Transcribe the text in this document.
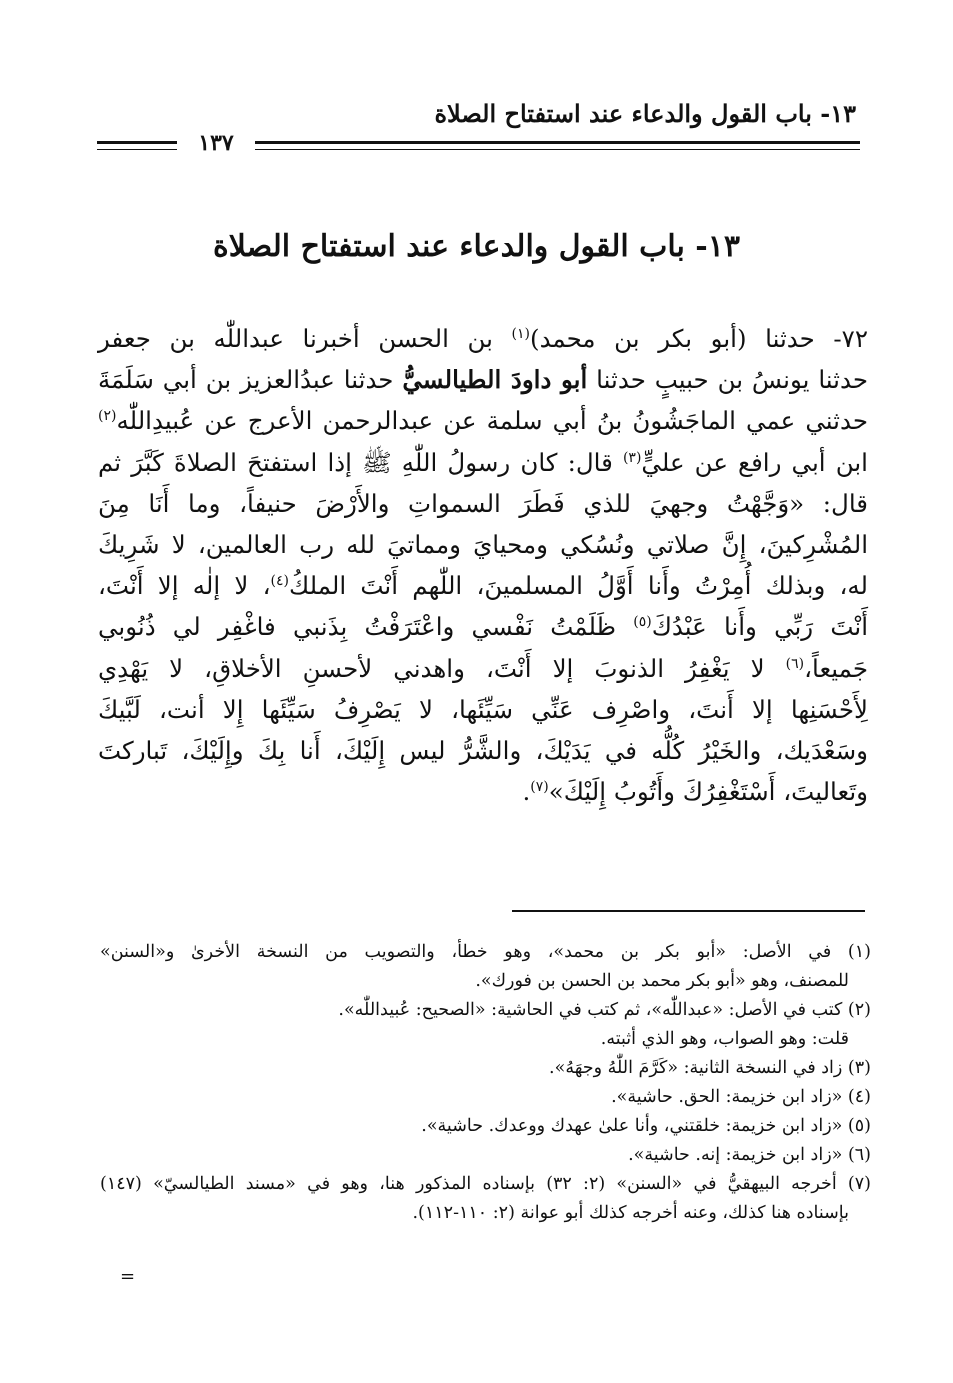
١٣- باب القول والدعاء عند استفتاح الصلاة
١٣٧
١٣- باب القول والدعاء عند استفتاح الصلاة
٧٢- حدثنا (أبو بكر بن محمد)$^{(١)}$ بن الحسن أخبرنا عبداللّٰه بن جعفر
حدثنا يونسُ بن حبيبٍ حدثنا أبو داودَ الطيالسيُّ حدثنا عبدُالعزيز بن أبي سَلَمَةَ
حدثني عمي الماجَشُونُ بنُ أبي سلمة عن عبدالرحمن الأعرج عن عُبيدِاللّٰه$^{(٢)}$
ابن أبي رافع عن عليٍّ$^{(٣)}$ قال: كان رسولُ اللّٰهِ ﷺ إذا استفتحَ الصلاةَ كَبَّرَ ثم
قال: «وَجَّهْتُ وجهيَ للذي فَطَرَ السمواتِ والأَرْضَ حنيفاً، وما أَنَا مِنَ
المُشْرِكينَ، إِنَّ صلاتي ونُسُكي ومحيايَ ومماتيَ لله رب العالمين، لا شَرِيكَ
له، وبذلك أُمِرْتُ وأَنا أَوَّلُ المسلمينَ، اللّٰهم أَنْتَ الملكُ$^{(٤)}$، لا إلٰه إلا أَنْتَ،
أَنْتَ رَبِّي وأَنا عَبْدُكَ$^{(٥)}$ ظَلَمْتُ نَفْسي واعْتَرَفْتُ بِذَنبي فاغْفِر لي ذُنُوبي
جَميعاً،$^{(٦)}$ لا يَغْفِرُ الذنوبَ إلا أَنْتَ، واهدني لأحسنِ الأخلاقِ، لا يَهْدِي
لِأَحْسَنِها إلا أَنتَ، واصْرِف عَنِّي سَيِّئَها، لا يَصْرِفُ سَيِّئَها إِلا أنت، لَبَّيكَ
وسَعْدَيك، والخَيْرُ كُلُّه في يَدَيْكَ، والشَّرُّ ليس إِلَيْكَ، أَنا بِكَ وإِلَيْكَ، تَباركتَ
وتَعاليتَ، أَسْتَغْفِرُكَ وأَتُوبُ إِلَيْكَ»$^{(٧)}$.
(١) في الأصل: «أبو بكر بن محمد»، وهو خطأ، والتصويب من النسخة الأخرىٰ و«السنن»
للمصنف، وهو «أبو بكر محمد بن الحسن بن فورك».
(٢) كتب في الأصل: «عبداللّٰه»، ثم كتب في الحاشية: «الصحيح: عُبيداللّٰه».
قلت: وهو الصواب، وهو الذي أثبته.
(٣) زاد في النسخة الثانية: «كَرَّمَ اللّٰهُ وجهَهُ».
(٤) «زاد ابن خزيمة: الحق. حاشية».
(٥) «زاد ابن خزيمة: خلقتني، وأنا علىٰ عهدك ووعدك. حاشية».
(٦) «زاد ابن خزيمة: إنه. حاشية».
(٧) أخرجه البيهقيُّ في «السنن» (٢: ٣٢) بإسناده المذكور هنا، وهو في «مسند الطيالسيّ» (١٤٧)
بإسناده هنا كذلك، وعنه أخرجه كذلك أبو عوانة (٢: ١١٠-١١٢).
=
